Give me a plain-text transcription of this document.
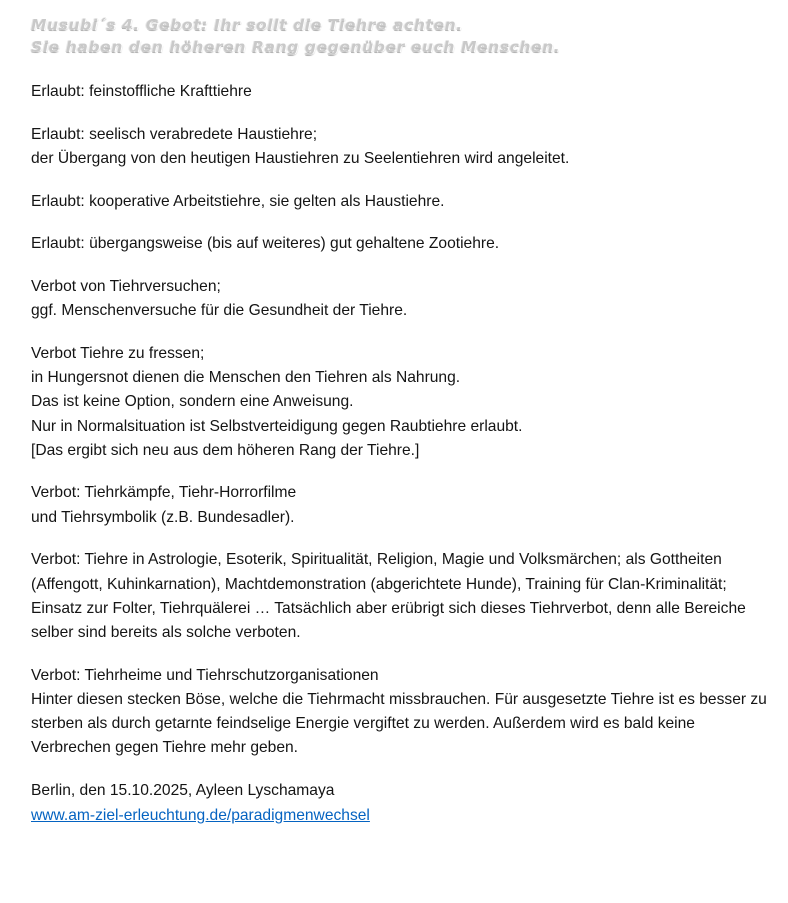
Musubi´s 4. Gebot: Ihr sollt die Tiehre achten.
Sie haben den höheren Rang gegenüber euch Menschen.

Erlaubt: feinstoffliche Krafttiehre

Erlaubt: seelisch verabredete Haustiehre;
der Übergang von den heutigen Haustiehren zu Seelentiehren wird angeleitet.

Erlaubt: kooperative Arbeitstiehre, sie gelten als Haustiehre.

Erlaubt: übergangsweise (bis auf weiteres) gut gehaltene Zootiehre.

Verbot von Tiehrversuchen;
ggf. Menschenversuche für die Gesundheit der Tiehre.

Verbot Tiehre zu fressen;
in Hungersnot dienen die Menschen den Tiehren als Nahrung.
Das ist keine Option, sondern eine Anweisung.
Nur in Normalsituation ist Selbstverteidigung gegen Raubtiehre erlaubt.
[Das ergibt sich neu aus dem höheren Rang der Tiehre.]

Verbot: Tiehrkämpfe, Tiehr-Horrorfilme
und Tiehrsymbolik (z.B. Bundesadler).

Verbot: Tiehre in Astrologie, Esoterik, Spiritualität, Religion, Magie und Volksmärchen; als Gottheiten (Affengott, Kuhinkarnation), Machtdemonstration (abgerichtete Hunde), Training für Clan-Kriminalität; Einsatz zur Folter, Tiehrquälerei … Tatsächlich aber erübrigt sich dieses Tiehrverbot, denn alle Bereiche selber sind bereits als solche verboten.

Verbot: Tiehrheime und Tiehrschutzorganisationen

Hinter diesen stecken Böse, welche die Tiehrmacht missbrauchen. Für ausgesetzte Tiehre ist es besser zu sterben als durch getarnte feindselige Energie vergiftet zu werden. Außerdem wird es bald keine Verbrechen gegen Tiehre mehr geben.

Berlin, den 15.10.2025, Ayleen Lyschamaya
www.am-ziel-erleuchtung.de/paradigmenwechsel
